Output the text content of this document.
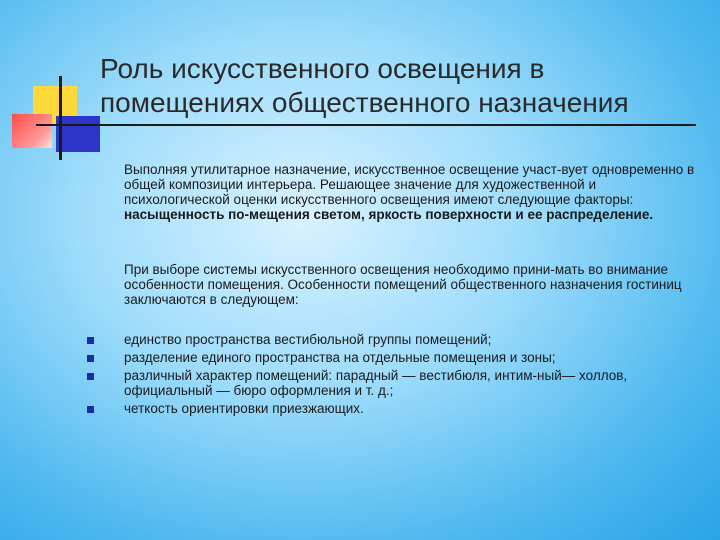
Роль искусственного освещения в помещениях общественного назначения

Выполняя утилитарное назначение, искусственное освещение участ-вует одновременно в общей композиции интерьера. Решающее значение для художественной и психологической оценки искусственного освещения имеют следующие факторы: насыщенность по-мещения светом, яркость поверхности и ее распределение.

При выборе системы искусственного освещения необходимо прини-мать во внимание особенности помещения. Особенности помещений общественного назначения гостиниц заключаются в следующем:

единство пространства вестибюльной группы помещений;
разделение единого пространства на отдельные помещения и зоны;
различный характер помещений: парадный — вестибюля, интим-ный— холлов, официальный — бюро оформления и т. д.;
четкость ориентировки приезжающих.
